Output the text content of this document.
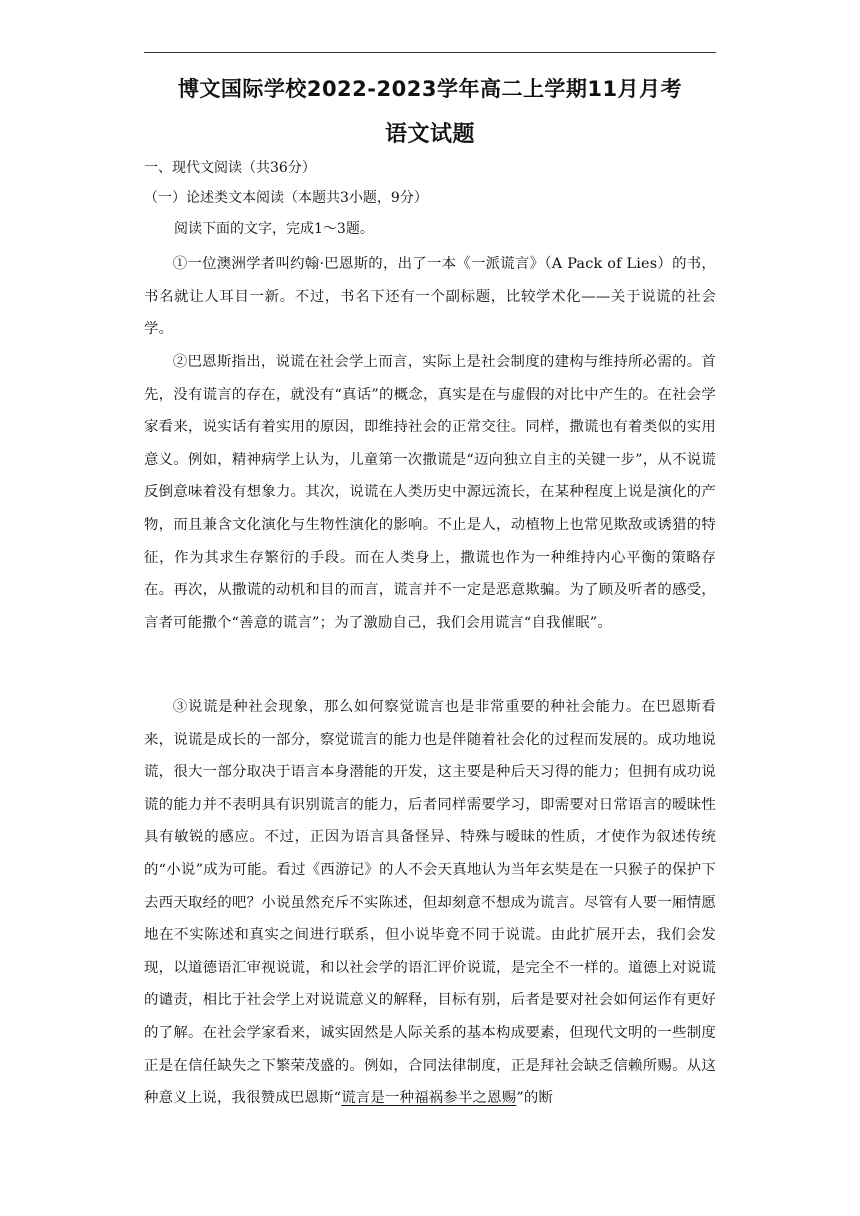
博文国际学校2022-2023学年高二上学期11月月考
语文试题
一、现代文阅读（共36分）
（一）论述类文本阅读（本题共3小题，9分）
阅读下面的文字，完成1～3题。

①一位澳洲学者叫约翰·巴恩斯的，出了一本《一派谎言》（A Pack of Lies）的书，书名就让人耳目一新。不过，书名下还有一个副标题，比较学术化——关于说谎的社会学。

②巴恩斯指出，说谎在社会学上而言，实际上是社会制度的建构与维持所必需的。首先，没有谎言的存在，就没有“真话”的概念，真实是在与虚假的对比中产生的。在社会学家看来，说实话有着实用的原因，即维持社会的正常交往。同样，撒谎也有着类似的实用意义。例如，精神病学上认为，儿童第一次撒谎是“迈向独立自主的关键一步”，从不说谎反倒意味着没有想象力。其次，说谎在人类历史中源远流长，在某种程度上说是演化的产物，而且兼含文化演化与生物性演化的影响。不止是人，动植物上也常见欺敌或诱猎的特征，作为其求生存繁衍的手段。而在人类身上，撒谎也作为一种维持内心平衡的策略存在。再次，从撒谎的动机和目的而言，谎言并不一定是恶意欺骗。为了顾及听者的感受，言者可能撒个“善意的谎言”；为了激励自己，我们会用谎言“自我催眠”。

③说谎是种社会现象，那么如何察觉谎言也是非常重要的种社会能力。在巴恩斯看来，说谎是成长的一部分，察觉谎言的能力也是伴随着社会化的过程而发展的。成功地说谎，很大一部分取决于语言本身潜能的开发，这主要是种后天习得的能力；但拥有成功说谎的能力并不表明具有识别谎言的能力，后者同样需要学习，即需要对日常语言的暧昧性具有敏锐的感应。不过，正因为语言具备怪异、特殊与暧昧的性质，才使作为叙述传统的“小说”成为可能。看过《西游记》的人不会天真地认为当年玄奘是在一只猴子的保护下去西天取经的吧？小说虽然充斥不实陈述，但却刻意不想成为谎言。尽管有人要一厢情愿地在不实陈述和真实之间进行联系，但小说毕竟不同于说谎。由此扩展开去，我们会发现，以道德语汇审视说谎，和以社会学的语汇评价说谎，是完全不一样的。道德上对说谎的谴责，相比于社会学上对说谎意义的解释，目标有别，后者是要对社会如何运作有更好的了解。在社会学家看来，诚实固然是人际关系的基本构成要素，但现代文明的一些制度正是在信任缺失之下繁荣茂盛的。例如，合同法律制度，正是拜社会缺乏信赖所赐。从这种意义上说，我很赞成巴恩斯“谎言是一种福祸参半之恩赐”的断
